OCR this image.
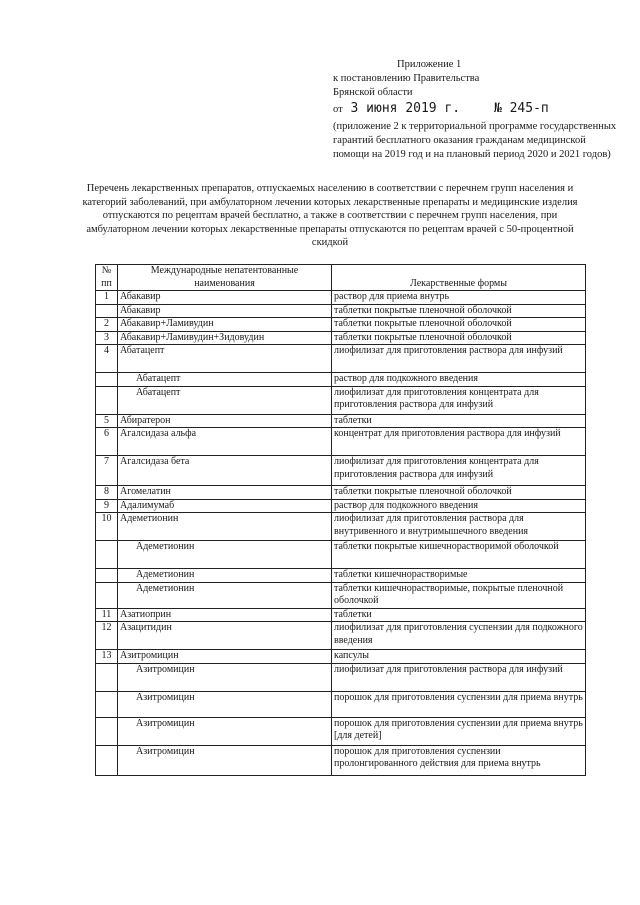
Приложение 1
к постановлению Правительства
Брянской области
от 3 июня 2019 г.	№ 245-п
(приложение 2 к территориальной программе государственных гарантий бесплатного оказания гражданам медицинской помощи на 2019 год и на плановый период 2020 и 2021 годов)
Перечень лекарственных препаратов, отпускаемых населению в соответствии с перечнем групп населения и категорий заболеваний, при амбулаторном лечении которых лекарственные препараты и медицинские изделия отпускаются по рецептам врачей бесплатно, а также в соответствии с перечнем групп населения, при амбулаторном лечении которых лекарственные препараты отпускаются по рецептам врачей с 50-процентной скидкой
№ пп	Международные непатентованные наименования	Лекарственные формы
1	Абакавир	раствор для приема внутрь
	Абакавир	таблетки покрытые пленочной оболочкой
2	Абакавир+Ламивудин	таблетки покрытые пленочной оболочкой
3	Абакавир+Ламивудин+Зидовудин	таблетки покрытые пленочной оболочкой
4	Абатацепт	лиофилизат для приготовления раствора для инфузий
	Абатацепт	раствор для подкожного введения
	Абатацепт	лиофилизат для приготовления концентрата для приготовления раствора для инфузий
5	Абиратерон	таблетки
6	Агалсидаза альфа	концентрат для приготовления раствора для инфузий
7	Агалсидаза бета	лиофилизат для приготовления концентрата для приготовления раствора для инфузий
8	Агомелатин	таблетки покрытые пленочной оболочкой
9	Адалимумаб	раствор для подкожного введения
10	Адеметионин	лиофилизат для приготовления раствора для внутривенного и внутримышечного введения
	Адеметионин	таблетки покрытые кишечнорастворимой оболочкой
	Адеметионин	таблетки кишечнорастворимые
	Адеметионин	таблетки кишечнорастворимые, покрытые пленочной оболочкой
11	Азатиоприн	таблетки
12	Азацитидин	лиофилизат для приготовления суспензии для подкожного введения
13	Азитромицин	капсулы
	Азитромицин	лиофилизат для приготовления раствора для инфузий
	Азитромицин	порошок для приготовления суспензии для приема внутрь
	Азитромицин	порошок для приготовления суспензии для приема внутрь [для детей]
	Азитромицин	порошок для приготовления суспензии пролонгированного действия для приема внутрь
